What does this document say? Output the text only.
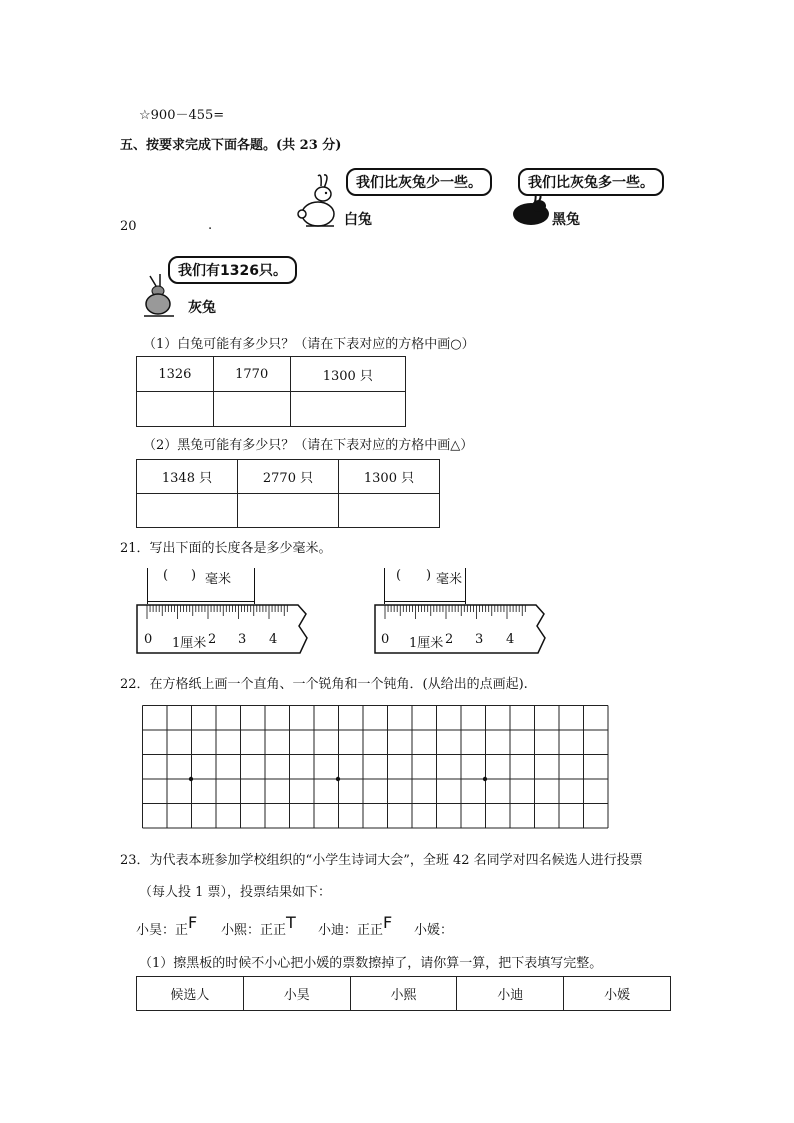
☆900－455=
五、按要求完成下面各题。(共 23 分)
20	.
我们比灰兔少一些。
白兔
我们比灰兔多一些。
黑兔
我们有1326只。
灰兔
（1）白兔可能有多少只？（请在下表对应的方格中画○）
1326	1770	1300 只

（2）黑兔可能有多少只？（请在下表对应的方格中画△）
1348 只	2770 只	1300 只

21．写出下面的长度各是多少毫米。
( ) 毫米
0 1厘米 2 3 4
( ) 毫米
0 1厘米 2 3 4
22．在方格纸上画一个直角、一个锐角和一个钝角．(从给出的点画起).
23．为代表本班参加学校组织的“小学生诗词大会”，全班 42 名同学对四名候选人进行投票
（每人投 1 票），投票结果如下：
小昊：正F 小熙：正正T 小迪：正正F 小媛：
（1）擦黑板的时候不小心把小媛的票数擦掉了，请你算一算，把下表填写完整。
候选人	小昊	小熙	小迪	小媛
